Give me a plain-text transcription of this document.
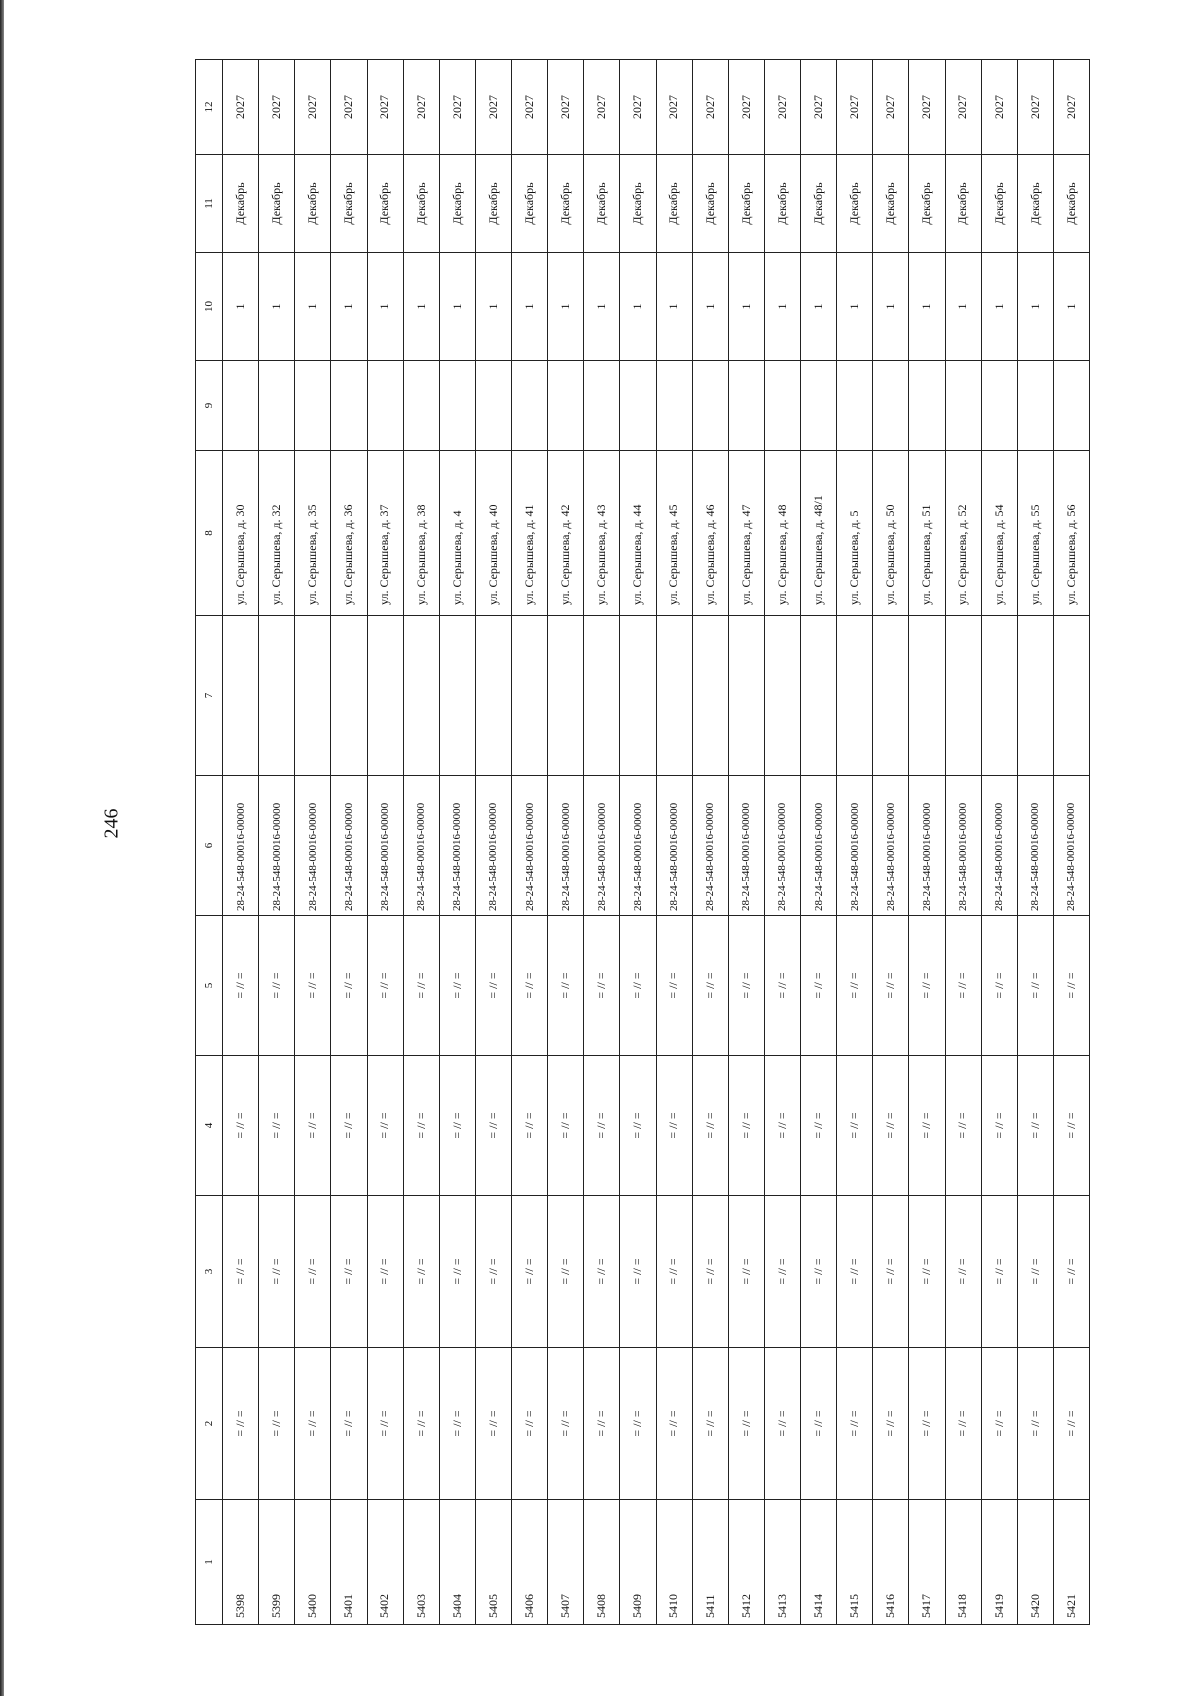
246
1	2	3	4	5	6	7	8	9	10	11	12
5398	= // =	= // =	= // =	= // =	28-24-548-00016-00000		ул. Серышева, д. 30		1	Декабрь	2027
5399	= // =	= // =	= // =	= // =	28-24-548-00016-00000		ул. Серышева, д. 32		1	Декабрь	2027
5400	= // =	= // =	= // =	= // =	28-24-548-00016-00000		ул. Серышева, д. 35		1	Декабрь	2027
5401	= // =	= // =	= // =	= // =	28-24-548-00016-00000		ул. Серышева, д. 36		1	Декабрь	2027
5402	= // =	= // =	= // =	= // =	28-24-548-00016-00000		ул. Серышева, д. 37		1	Декабрь	2027
5403	= // =	= // =	= // =	= // =	28-24-548-00016-00000		ул. Серышева, д. 38		1	Декабрь	2027
5404	= // =	= // =	= // =	= // =	28-24-548-00016-00000		ул. Серышева, д. 4		1	Декабрь	2027
5405	= // =	= // =	= // =	= // =	28-24-548-00016-00000		ул. Серышева, д. 40		1	Декабрь	2027
5406	= // =	= // =	= // =	= // =	28-24-548-00016-00000		ул. Серышева, д. 41		1	Декабрь	2027
5407	= // =	= // =	= // =	= // =	28-24-548-00016-00000		ул. Серышева, д. 42		1	Декабрь	2027
5408	= // =	= // =	= // =	= // =	28-24-548-00016-00000		ул. Серышева, д. 43		1	Декабрь	2027
5409	= // =	= // =	= // =	= // =	28-24-548-00016-00000		ул. Серышева, д. 44		1	Декабрь	2027
5410	= // =	= // =	= // =	= // =	28-24-548-00016-00000		ул. Серышева, д. 45		1	Декабрь	2027
5411	= // =	= // =	= // =	= // =	28-24-548-00016-00000		ул. Серышева, д. 46		1	Декабрь	2027
5412	= // =	= // =	= // =	= // =	28-24-548-00016-00000		ул. Серышева, д. 47		1	Декабрь	2027
5413	= // =	= // =	= // =	= // =	28-24-548-00016-00000		ул. Серышева, д. 48		1	Декабрь	2027
5414	= // =	= // =	= // =	= // =	28-24-548-00016-00000		ул. Серышева, д. 48/1		1	Декабрь	2027
5415	= // =	= // =	= // =	= // =	28-24-548-00016-00000		ул. Серышева, д. 5		1	Декабрь	2027
5416	= // =	= // =	= // =	= // =	28-24-548-00016-00000		ул. Серышева, д. 50		1	Декабрь	2027
5417	= // =	= // =	= // =	= // =	28-24-548-00016-00000		ул. Серышева, д. 51		1	Декабрь	2027
5418	= // =	= // =	= // =	= // =	28-24-548-00016-00000		ул. Серышева, д. 52		1	Декабрь	2027
5419	= // =	= // =	= // =	= // =	28-24-548-00016-00000		ул. Серышева, д. 54		1	Декабрь	2027
5420	= // =	= // =	= // =	= // =	28-24-548-00016-00000		ул. Серышева, д. 55		1	Декабрь	2027
5421	= // =	= // =	= // =	= // =	28-24-548-00016-00000		ул. Серышева, д. 56		1	Декабрь	2027
